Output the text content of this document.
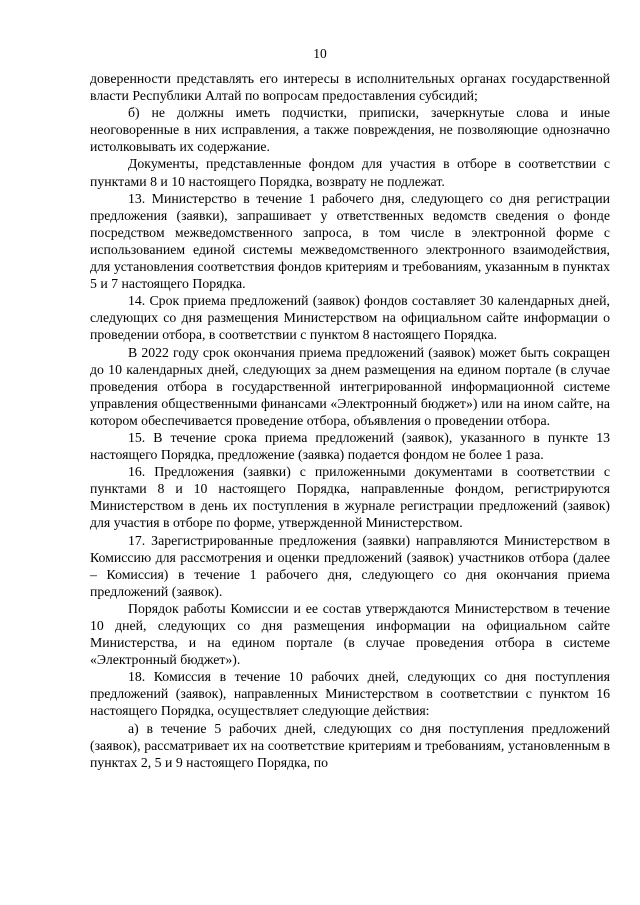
10

доверенности представлять его интересы в исполнительных органах государственной власти Республики Алтай по вопросам предоставления субсидий;

б) не должны иметь подчистки, приписки, зачеркнутые слова и иные неоговоренные в них исправления, а также повреждения, не позволяющие однозначно истолковывать их содержание.

Документы, представленные фондом для участия в отборе в соответствии с пунктами 8 и 10 настоящего Порядка, возврату не подлежат.

13. Министерство в течение 1 рабочего дня, следующего со дня регистрации предложения (заявки), запрашивает у ответственных ведомств сведения о фонде посредством межведомственного запроса, в том числе в электронной форме с использованием единой системы межведомственного электронного взаимодействия, для установления соответствия фондов критериям и требованиям, указанным в пунктах 5 и 7 настоящего Порядка.

14. Срок приема предложений (заявок) фондов составляет 30 календарных дней, следующих со дня размещения Министерством на официальном сайте информации о проведении отбора, в соответствии с пунктом 8 настоящего Порядка.

В 2022 году срок окончания приема предложений (заявок) может быть сокращен до 10 календарных дней, следующих за днем размещения на едином портале (в случае проведения отбора в государственной интегрированной информационной системе управления общественными финансами «Электронный бюджет») или на ином сайте, на котором обеспечивается проведение отбора, объявления о проведении отбора.

15. В течение срока приема предложений (заявок), указанного в пункте 13 настоящего Порядка, предложение (заявка) подается фондом не более 1 раза.

16. Предложения (заявки) с приложенными документами в соответствии с пунктами 8 и 10 настоящего Порядка, направленные фондом, регистрируются Министерством в день их поступления в журнале регистрации предложений (заявок) для участия в отборе по форме, утвержденной Министерством.

17. Зарегистрированные предложения (заявки) направляются Министерством в Комиссию для рассмотрения и оценки предложений (заявок) участников отбора (далее – Комиссия) в течение 1 рабочего дня, следующего со дня окончания приема предложений (заявок).

Порядок работы Комиссии и ее состав утверждаются Министерством в течение 10 дней, следующих со дня размещения информации на официальном сайте Министерства, и на едином портале (в случае проведения отбора в системе «Электронный бюджет»).

18. Комиссия в течение 10 рабочих дней, следующих со дня поступления предложений (заявок), направленных Министерством в соответствии с пунктом 16 настоящего Порядка, осуществляет следующие действия:

а) в течение 5 рабочих дней, следующих со дня поступления предложений (заявок), рассматривает их на соответствие критериям и требованиям, установленным в пунктах 2, 5 и 9 настоящего Порядка, по
